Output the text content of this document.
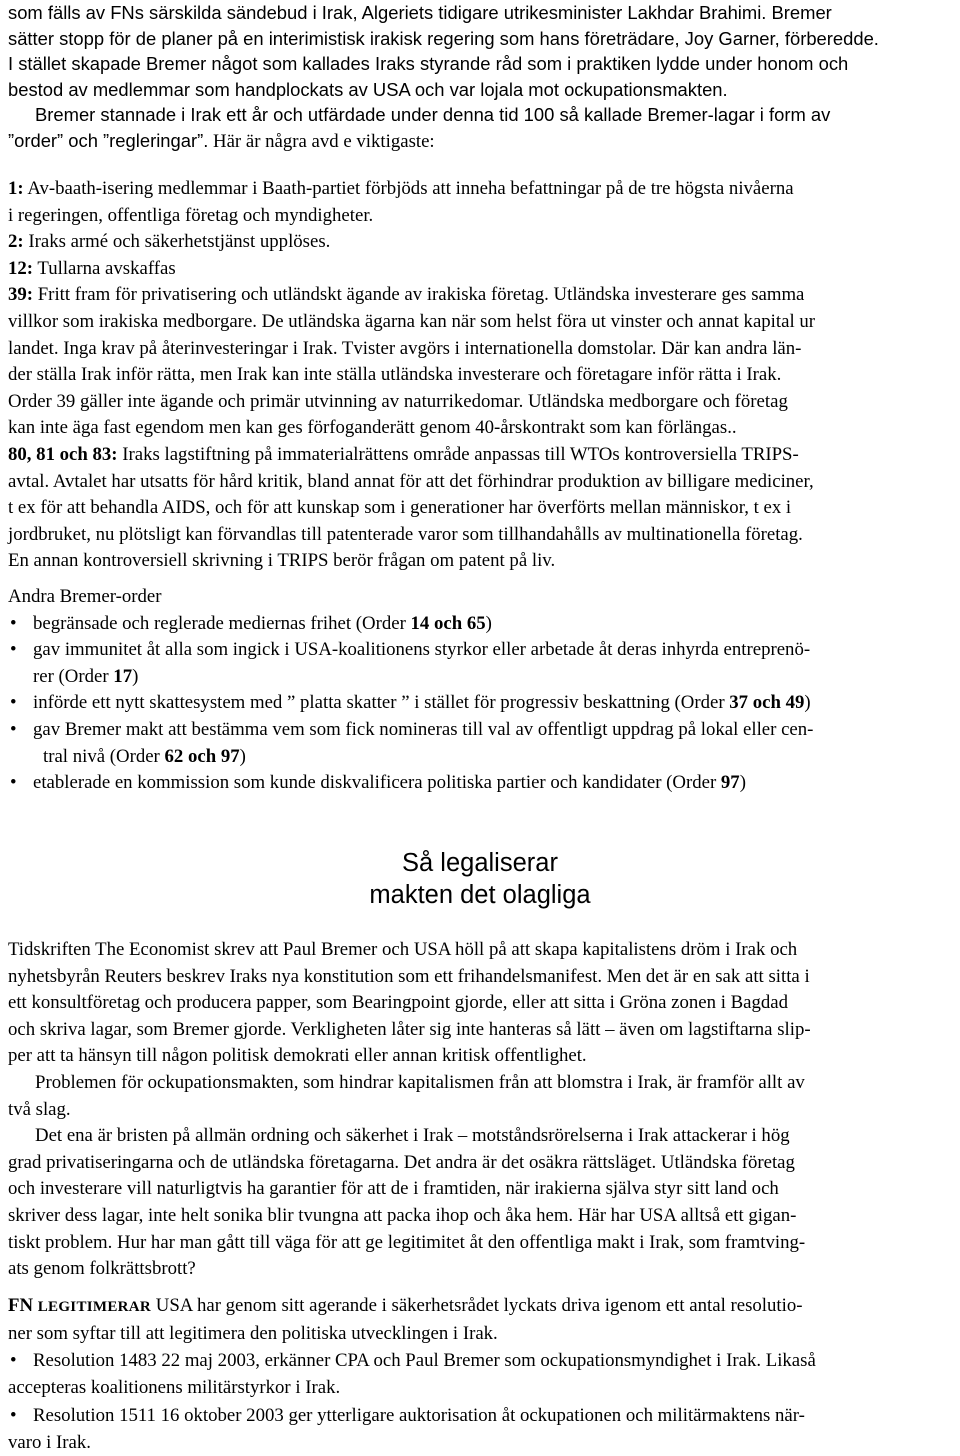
som fälls av FNs särskilda sändebud i Irak, Algeriets tidigare utrikesminister Lakhdar Brahimi. Bremer
sätter stopp för de planer på en interimistisk irakisk regering som hans företrädare, Joy Garner, förberedde.
I stället skapade Bremer något som kallades Iraks styrande råd som i praktiken lydde under honom och
bestod av medlemmar som handplockats av USA och var lojala mot ockupationsmakten.
Bremer stannade i Irak ett år och utfärdade under denna tid 100 så kallade Bremer-lagar i form av
”order” och ”regleringar”. Här är några avd e viktigaste:
1: Av-baath-isering medlemmar i Baath-partiet förbjöds att inneha befattningar på de tre högsta nivåerna
i regeringen, offentliga företag och myndigheter.
2: Iraks armé och säkerhetstjänst upplöses.
12: Tullarna avskaffas
39: Fritt fram för privatisering och utländskt ägande av irakiska företag. Utländska investerare ges samma
villkor som irakiska medborgare. De utländska ägarna kan när som helst föra ut vinster och annat kapital ur
landet. Inga krav på återinvesteringar i Irak. Tvister avgörs i internationella domstolar. Där kan andra län-
der ställa Irak inför rätta, men Irak kan inte ställa utländska investerare och företagare inför rätta i Irak.
Order 39 gäller inte ägande och primär utvinning av naturrikedomar. Utländska medborgare och företag
kan inte äga fast egendom men kan ges förfoganderätt genom 40-årskontrakt som kan förlängas..
80, 81 och 83: Iraks lagstiftning på immaterialrättens område anpassas till WTOs kontroversiella TRIPS-
avtal. Avtalet har utsatts för hård kritik, bland annat för att det förhindrar produktion av billigare mediciner,
t ex för att behandla AIDS, och för att kunskap som i generationer har överförts mellan människor, t ex i
jordbruket, nu plötsligt kan förvandlas till patenterade varor som tillhandahålls av multinationella företag.
En annan kontroversiell skrivning i TRIPS berör frågan om patent på liv.
Andra Bremer-order
• begränsade och reglerade mediernas frihet (Order 14 och 65)
• gav immunitet åt alla som ingick i USA-koalitionens styrkor eller arbetade åt deras inhyrda entreprenö-
rer (Order 17)
• införde ett nytt skattesystem med ” platta skatter ” i stället för progressiv beskattning (Order 37 och 49)
• gav Bremer makt att bestämma vem som fick nomineras till val av offentligt uppdrag på lokal eller cen-
tral nivå (Order 62 och 97)
• etablerade en kommission som kunde diskvalificera politiska partier och kandidater (Order 97)
Så legaliserar
makten det olagliga
Tidskriften The Economist skrev att Paul Bremer och USA höll på att skapa kapitalistens dröm i Irak och
nyhetsbyrån Reuters beskrev Iraks nya konstitution som ett frihandelsmanifest. Men det är en sak att sitta i
ett konsultföretag och producera papper, som Bearingpoint gjorde, eller att sitta i Gröna zonen i Bagdad
och skriva lagar, som Bremer gjorde. Verkligheten låter sig inte hanteras så lätt – även om lagstiftarna slip-
per att ta hänsyn till någon politisk demokrati eller annan kritisk offentlighet.
Problemen för ockupationsmakten, som hindrar kapitalismen från att blomstra i Irak, är framför allt av
två slag.
Det ena är bristen på allmän ordning och säkerhet i Irak – motståndsrörelserna i Irak attackerar i hög
grad privatiseringarna och de utländska företagarna. Det andra är det osäkra rättsläget. Utländska företag
och investerare vill naturligtvis ha garantier för att de i framtiden, när irakierna själva styr sitt land och
skriver dess lagar, inte helt sonika blir tvungna att packa ihop och åka hem. Här har USA alltså ett gigan-
tiskt problem. Hur har man gått till väga för att ge legitimitet åt den offentliga makt i Irak, som framtving-
ats genom folkrättsbrott?
FN LEGITIMERAR USA har genom sitt agerande i säkerhetsrådet lyckats driva igenom ett antal resolutio-
ner som syftar till att legitimera den politiska utvecklingen i Irak.
• Resolution 1483 22 maj 2003, erkänner CPA och Paul Bremer som ockupationsmyndighet i Irak. Likaså
accepteras koalitionens militärstyrkor i Irak.
• Resolution 1511 16 oktober 2003 ger ytterligare auktorisation åt ockupationen och militärmaktens när-
varo i Irak.
